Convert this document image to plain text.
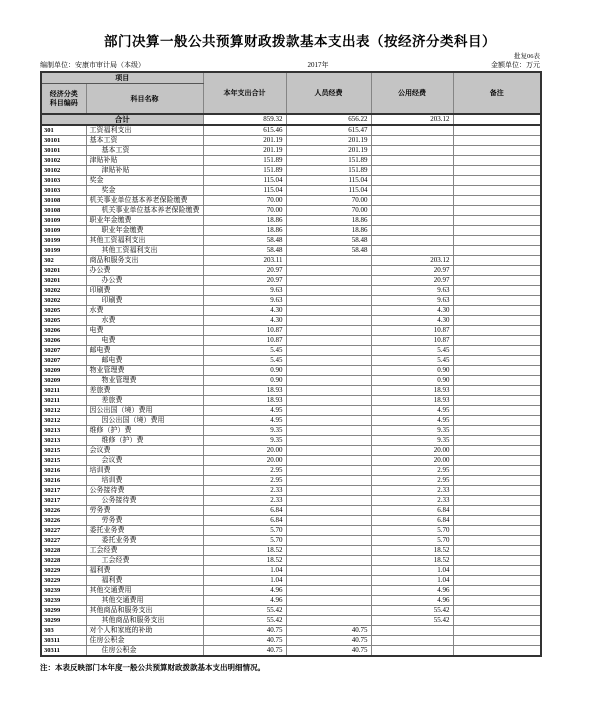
部门决算一般公共预算财政拨款基本支出表（按经济分类科目）
批复06表
编制单位：安康市审计局（本级）	2017年	金额单位：万元
项目		本年支出合计	人员经费	公用经费	备注

经济分类
科目编码	科目名称				
合计		859.32	656.22	203.12	
301	工资福利支出	615.46	615.47		
30101	基本工资	201.19	201.19		
30101	基本工资	201.19	201.19		
30102	津贴补贴	151.89	151.89		
30102	津贴补贴	151.89	151.89		
30103	奖金	115.04	115.04		
30103	奖金	115.04	115.04		
30108	机关事业单位基本养老保险缴费	70.00	70.00		
30108	机关事业单位基本养老保险缴费	70.00	70.00		
30109	职业年金缴费	18.86	18.86		
30109	职业年金缴费	18.86	18.86		
30199	其他工资福利支出	58.48	58.48		
30199	其他工资福利支出	58.48	58.48		
302	商品和服务支出	203.11		203.12	
30201	办公费	20.97		20.97	
30201	办公费	20.97		20.97	
30202	印刷费	9.63		9.63	
30202	印刷费	9.63		9.63	
30205	水费	4.30		4.30	
30205	水费	4.30		4.30	
30206	电费	10.87		10.87	
30206	电费	10.87		10.87	
30207	邮电费	5.45		5.45	
30207	邮电费	5.45		5.45	
30209	物业管理费	0.90		0.90	
30209	物业管理费	0.90		0.90	
30211	差旅费	18.93		18.93	
30211	差旅费	18.93		18.93	
30212	因公出国（境）费用	4.95		4.95	
30212	因公出国（境）费用	4.95		4.95	
30213	维修（护）费	9.35		9.35	
30213	维修（护）费	9.35		9.35	
30215	会议费	20.00		20.00	
30215	会议费	20.00		20.00	
30216	培训费	2.95		2.95	
30216	培训费	2.95		2.95	
30217	公务接待费	2.33		2.33	
30217	公务接待费	2.33		2.33	
30226	劳务费	6.84		6.84	
30226	劳务费	6.84		6.84	
30227	委托业务费	5.70		5.70	
30227	委托业务费	5.70		5.70	
30228	工会经费	18.52		18.52	
30228	工会经费	18.52		18.52	
30229	福利费	1.04		1.04	
30229	福利费	1.04		1.04	
30239	其他交通费用	4.96		4.96	
30239	其他交通费用	4.96		4.96	
30299	其他商品和服务支出	55.42		55.42	
30299	其他商品和服务支出	55.42		55.42	
303	对个人和家庭的补助	40.75	40.75		
30311	住房公积金	40.75	40.75		
30311	住房公积金	40.75	40.75		
注：本表反映部门本年度一般公共预算财政拨款基本支出明细情况。
